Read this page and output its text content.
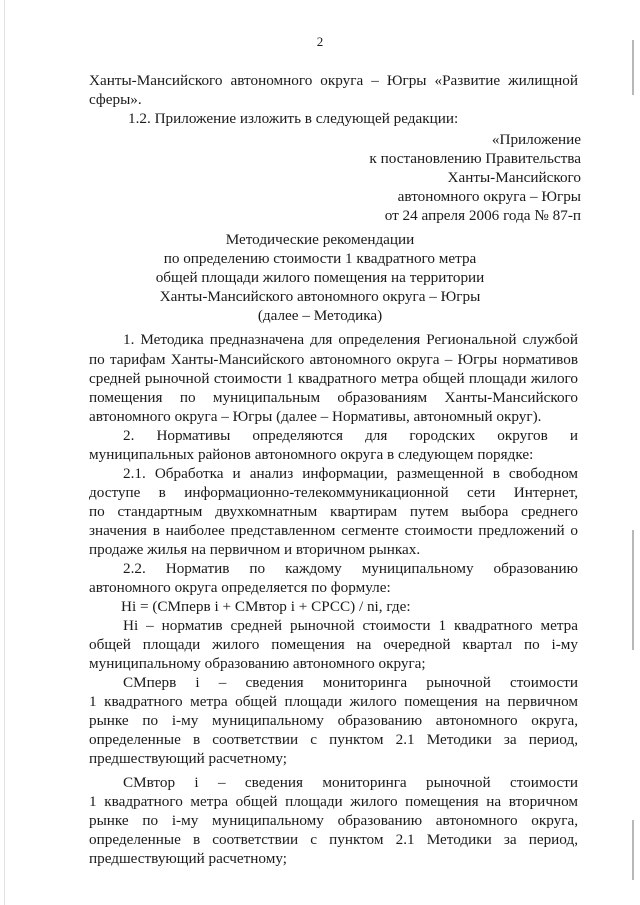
2
Ханты-Мансийского автономного округа – Югры «Развитие жилищной
сферы».
1.2. Приложение изложить в следующей редакции:
«Приложение
к постановлению Правительства
Ханты-Мансийского
автономного округа – Югры
от 24 апреля 2006 года № 87-п
Методические рекомендации
по определению стоимости 1 квадратного метра
общей площади жилого помещения на территории
Ханты-Мансийского автономного округа – Югры
(далее – Методика)
1. Методика предназначена для определения Региональной службой
по тарифам Ханты-Мансийского автономного округа – Югры нормативов
средней рыночной стоимости 1 квадратного метра общей площади жилого
помещения по муниципальным образованиям Ханты-Мансийского
автономного округа – Югры (далее – Нормативы, автономный округ).
2. Нормативы определяются для городских округов и
муниципальных районов автономного округа в следующем порядке:
2.1. Обработка и анализ информации, размещенной в свободном
доступе в информационно-телекоммуникационной сети Интернет,
по стандартным двухкомнатным квартирам путем выбора среднего
значения в наиболее представленном сегменте стоимости предложений о
продаже жилья на первичном и вторичном рынках.
2.2. Норматив по каждому муниципальному образованию
автономного округа определяется по формуле:
Hi = (СМперв i + СМвтор i + СРСС) / ni, где:
Hi – норматив средней рыночной стоимости 1 квадратного метра
общей площади жилого помещения на очередной квартал по i-му
муниципальному образованию автономного округа;
СМперв i – сведения мониторинга рыночной стоимости
1 квадратного метра общей площади жилого помещения на первичном
рынке по i-му муниципальному образованию автономного округа,
определенные в соответствии с пунктом 2.1 Методики за период,
предшествующий расчетному;
СМвтор i – сведения мониторинга рыночной стоимости
1 квадратного метра общей площади жилого помещения на вторичном
рынке по i-му муниципальному образованию автономного округа,
определенные в соответствии с пунктом 2.1 Методики за период,
предшествующий расчетному;
